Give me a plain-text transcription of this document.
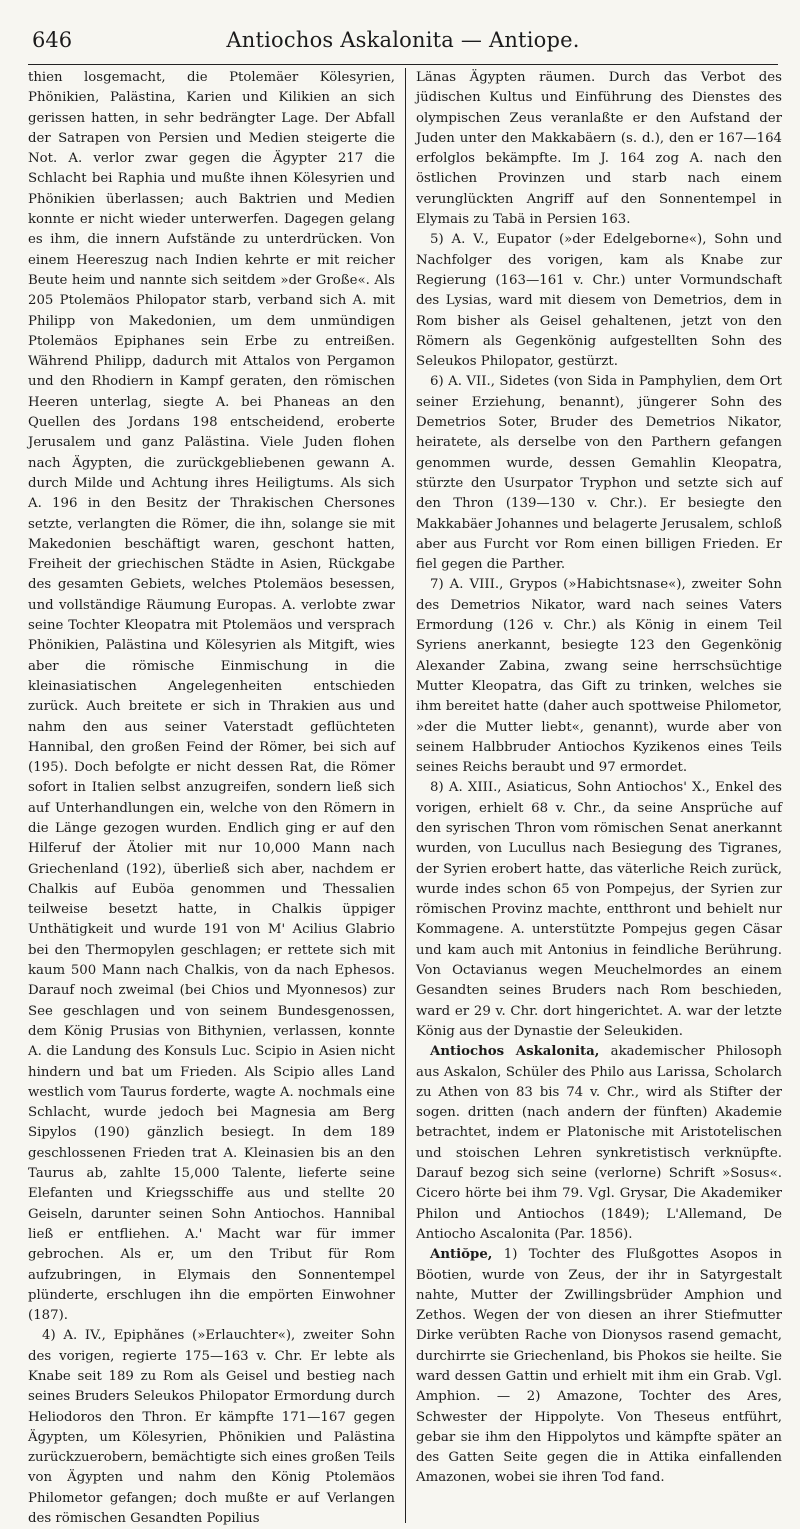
646	Antiochos Askalonita — Antiope.

thien losgemacht, die Ptolemäer Kölesyrien, Phönikien, Palästina, Karien und Kilikien an sich gerissen hatten, in sehr bedrängter Lage. Der Abfall der Satrapen von Persien und Medien steigerte die Not. A. verlor zwar gegen die Ägypter 217 die Schlacht bei Raphia und mußte ihnen Kölesyrien und Phönikien überlassen; auch Baktrien und Medien konnte er nicht wieder unterwerfen. Dagegen gelang es ihm, die innern Aufstände zu unterdrücken. Von einem Heereszug nach Indien kehrte er mit reicher Beute heim und nannte sich seitdem »der Große«. Als 205 Ptolemäos Philopator starb, verband sich A. mit Philipp von Makedonien, um dem unmündigen Ptolemäos Epiphanes sein Erbe zu entreißen. Während Philipp, dadurch mit Attalos von Pergamon und den Rhodiern in Kampf geraten, den römischen Heeren unterlag, siegte A. bei Phaneas an den Quellen des Jordans 198 entscheidend, eroberte Jerusalem und ganz Palästina. Viele Juden flohen nach Ägypten, die zurückgebliebenen gewann A. durch Milde und Achtung ihres Heiligtums. Als sich A. 196 in den Besitz der Thrakischen Chersones setzte, verlangten die Römer, die ihn, solange sie mit Makedonien beschäftigt waren, geschont hatten, Freiheit der griechischen Städte in Asien, Rückgabe des gesamten Gebiets, welches Ptolemäos besessen, und vollständige Räumung Europas. A. verlobte zwar seine Tochter Kleopatra mit Ptolemäos und versprach Phönikien, Palästina und Kölesyrien als Mitgift, wies aber die römische Einmischung in die kleinasiatischen Angelegenheiten entschieden zurück. Auch breitete er sich in Thrakien aus und nahm den aus seiner Vaterstadt geflüchteten Hannibal, den großen Feind der Römer, bei sich auf (195). Doch befolgte er nicht dessen Rat, die Römer sofort in Italien selbst anzugreifen, sondern ließ sich auf Unterhandlungen ein, welche von den Römern in die Länge gezogen wurden. Endlich ging er auf den Hilferuf der Ätolier mit nur 10,000 Mann nach Griechenland (192), überließ sich aber, nachdem er Chalkis auf Euböa genommen und Thessalien teilweise besetzt hatte, in Chalkis üppiger Unthätigkeit und wurde 191 von M' Acilius Glabrio bei den Thermopylen geschlagen; er rettete sich mit kaum 500 Mann nach Chalkis, von da nach Ephesos. Darauf noch zweimal (bei Chios und Myonnesos) zur See geschlagen und von seinem Bundesgenossen, dem König Prusias von Bithynien, verlassen, konnte A. die Landung des Konsuls Luc. Scipio in Asien nicht hindern und bat um Frieden. Als Scipio alles Land westlich vom Taurus forderte, wagte A. nochmals eine Schlacht, wurde jedoch bei Magnesia am Berg Sipylos (190) gänzlich besiegt. In dem 189 geschlossenen Frieden trat A. Kleinasien bis an den Taurus ab, zahlte 15,000 Talente, lieferte seine Elefanten und Kriegsschiffe aus und stellte 20 Geiseln, darunter seinen Sohn Antiochos. Hannibal ließ er entfliehen. A.' Macht war für immer gebrochen. Als er, um den Tribut für Rom aufzubringen, in Elymais den Sonnentempel plünderte, erschlugen ihn die empörten Einwohner (187).

4) A. IV., Epiphănes (»Erlauchter«), zweiter Sohn des vorigen, regierte 175—163 v. Chr. Er lebte als Knabe seit 189 zu Rom als Geisel und bestieg nach seines Bruders Seleukos Philopator Ermordung durch Heliodoros den Thron. Er kämpfte 171—167 gegen Ägypten, um Kölesyrien, Phönikien und Palästina zurückzuerobern, bemächtigte sich eines großen Teils von Ägypten und nahm den König Ptolemäos Philometor gefangen; doch mußte er auf Verlangen des römischen Gesandten Popilius

Länas Ägypten räumen. Durch das Verbot des jüdischen Kultus und Einführung des Dienstes des olympischen Zeus veranlaßte er den Aufstand der Juden unter den Makkabäern (s. d.), den er 167—164 erfolglos bekämpfte. Im J. 164 zog A. nach den östlichen Provinzen und starb nach einem verunglückten Angriff auf den Sonnentempel in Elymais zu Tabä in Persien 163.

5) A. V., Eupator (»der Edelgeborne«), Sohn und Nachfolger des vorigen, kam als Knabe zur Regierung (163—161 v. Chr.) unter Vormundschaft des Lysias, ward mit diesem von Demetrios, dem in Rom bisher als Geisel gehaltenen, jetzt von den Römern als Gegenkönig aufgestellten Sohn des Seleukos Philopator, gestürzt.

6) A. VII., Sidetes (von Sida in Pamphylien, dem Ort seiner Erziehung, benannt), jüngerer Sohn des Demetrios Soter, Bruder des Demetrios Nikator, heiratete, als derselbe von den Parthern gefangen genommen wurde, dessen Gemahlin Kleopatra, stürzte den Usurpator Tryphon und setzte sich auf den Thron (139—130 v. Chr.). Er besiegte den Makkabäer Johannes und belagerte Jerusalem, schloß aber aus Furcht vor Rom einen billigen Frieden. Er fiel gegen die Parther.

7) A. VIII., Grypos (»Habichtsnase«), zweiter Sohn des Demetrios Nikator, ward nach seines Vaters Ermordung (126 v. Chr.) als König in einem Teil Syriens anerkannt, besiegte 123 den Gegenkönig Alexander Zabina, zwang seine herrschsüchtige Mutter Kleopatra, das Gift zu trinken, welches sie ihm bereitet hatte (daher auch spottweise Philometor, »der die Mutter liebt«, genannt), wurde aber von seinem Halbbruder Antiochos Kyzikenos eines Teils seines Reichs beraubt und 97 ermordet.

8) A. XIII., Asiaticus, Sohn Antiochos' X., Enkel des vorigen, erhielt 68 v. Chr., da seine Ansprüche auf den syrischen Thron vom römischen Senat anerkannt wurden, von Lucullus nach Besiegung des Tigranes, der Syrien erobert hatte, das väterliche Reich zurück, wurde indes schon 65 von Pompejus, der Syrien zur römischen Provinz machte, entthront und behielt nur Kommagene. A. unterstützte Pompejus gegen Cäsar und kam auch mit Antonius in feindliche Berührung. Von Octavianus wegen Meuchelmordes an einem Gesandten seines Bruders nach Rom beschieden, ward er 29 v. Chr. dort hingerichtet. A. war der letzte König aus der Dynastie der Seleukiden.

Antiochos Askalonita, akademischer Philosoph aus Askalon, Schüler des Philo aus Larissa, Scholarch zu Athen von 83 bis 74 v. Chr., wird als Stifter der sogen. dritten (nach andern der fünften) Akademie betrachtet, indem er Platonische mit Aristotelischen und stoischen Lehren synkretistisch verknüpfte. Darauf bezog sich seine (verlorne) Schrift »Sosus«. Cicero hörte bei ihm 79. Vgl. Grysar, Die Akademiker Philon und Antiochos (1849); L'Allemand, De Antiocho Ascalonita (Par. 1856).

Antiŏpe, 1) Tochter des Flußgottes Asopos in Böotien, wurde von Zeus, der ihr in Satyrgestalt nahte, Mutter der Zwillingsbrüder Amphion und Zethos. Wegen der von diesen an ihrer Stiefmutter Dirke verübten Rache von Dionysos rasend gemacht, durchirrte sie Griechenland, bis Phokos sie heilte. Sie ward dessen Gattin und erhielt mit ihm ein Grab. Vgl. Amphion. — 2) Amazone, Tochter des Ares, Schwester der Hippolyte. Von Theseus entführt, gebar sie ihm den Hippolytos und kämpfte später an des Gatten Seite gegen die in Attika einfallenden Amazonen, wobei sie ihren Tod fand.
